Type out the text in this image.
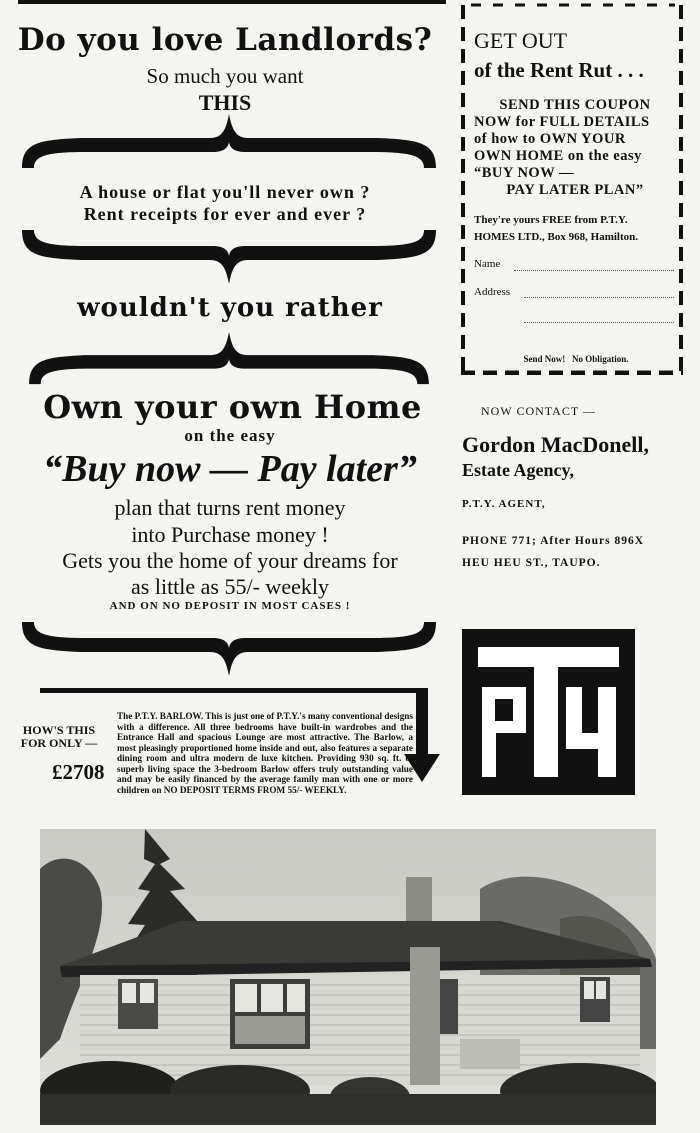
Do you love Landlords?
So much you want
THIS
A house or flat you'll never own ?
Rent receipts for ever and ever ?
wouldn't you rather
Own your own Home
on the easy
“Buy now — Pay later”
plan that turns rent money
into Purchase money !
Gets you the home of your dreams for
as little as 55/- weekly
AND ON NO DEPOSIT IN MOST CASES !
HOW'S THIS
FOR ONLY —
£2708
The P.T.Y. BARLOW. This is just one of P.T.Y.'s many conventional designs with a difference. All three bedrooms have built-in wardrobes and the Entrance Hall and spacious Lounge are most attractive. The Barlow, a most pleasingly proportioned home inside and out, also features a separate dining room and ultra modern de luxe kitchen. Providing 930 sq. ft. of superb living space the 3-bedroom Barlow offers truly outstanding value and may be easily financed by the average family man with one or more children on NO DEPOSIT TERMS FROM 55/- WEEKLY.
GET OUT
of the Rent Rut . . .
SEND THIS COUPON
NOW for FULL DETAILS
of how to OWN YOUR
OWN HOME on the easy
“BUY NOW —
PAY LATER PLAN”
They're yours FREE from P.T.Y.
HOMES LTD., Box 968, Hamilton.
Name
Address
Send Now! No Obligation.
NOW CONTACT —
Gordon MacDonell,
Estate Agency,
P.T.Y. AGENT,
PHONE 771; After Hours 896X
HEU HEU ST., TAUPO.
